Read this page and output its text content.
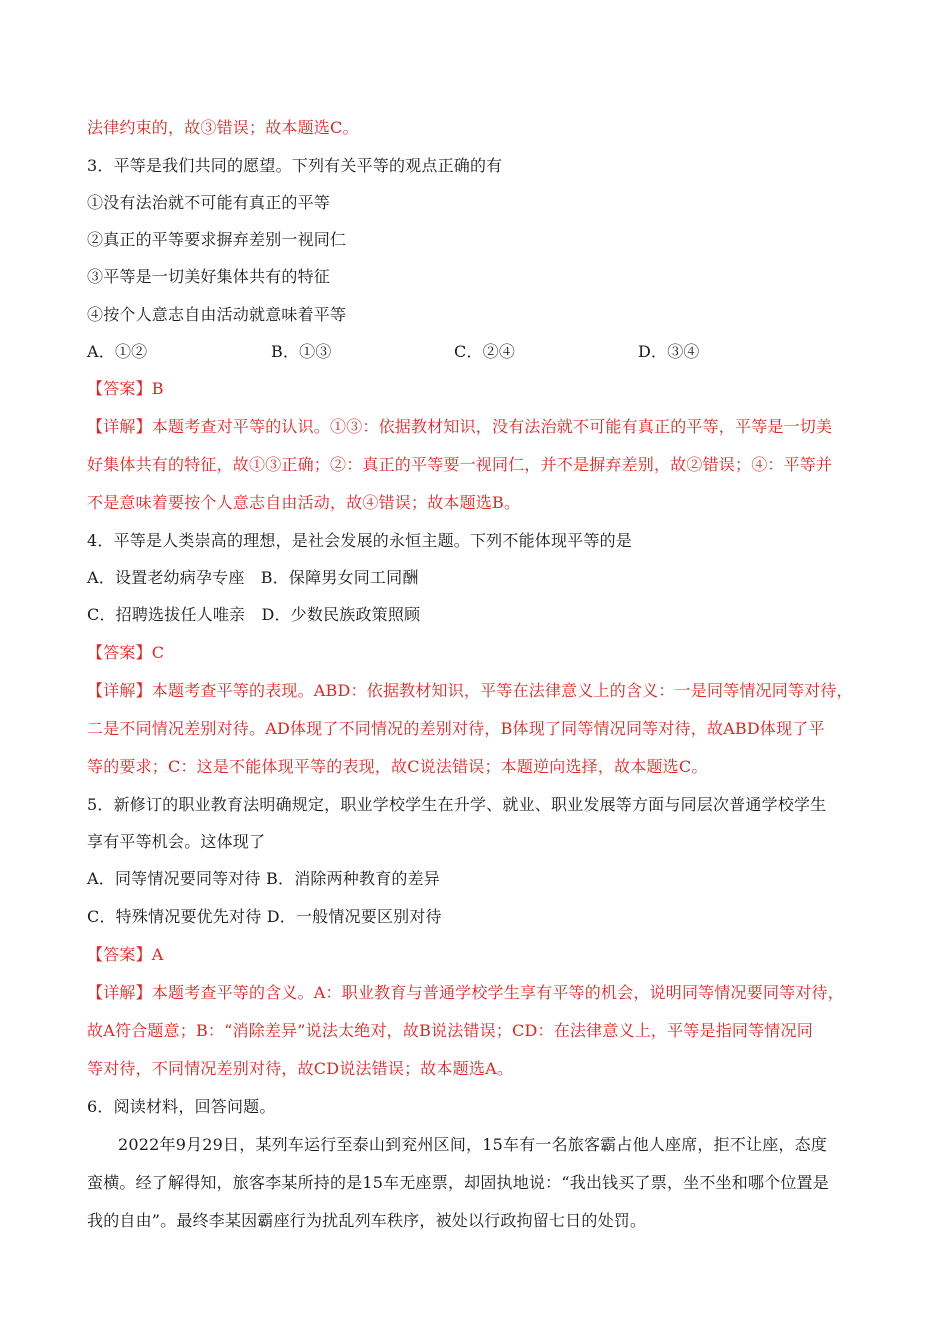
法律约束的，故③错误；故本题选C。
3．平等是我们共同的愿望。下列有关平等的观点正确的有
①没有法治就不可能有真正的平等
②真正的平等要求摒弃差别一视同仁
③平等是一切美好集体共有的特征
④按个人意志自由活动就意味着平等
A．①②	B．①③	C．②④	D．③④
【答案】B
【详解】本题考查对平等的认识。①③：依据教材知识，没有法治就不可能有真正的平等，平等是一切美
好集体共有的特征，故①③正确；②：真正的平等要一视同仁，并不是摒弃差别，故②错误；④：平等并
不是意味着要按个人意志自由活动，故④错误；故本题选B。
4．平等是人类崇高的理想，是社会发展的永恒主题。下列不能体现平等的是
A．设置老幼病孕专座　B．保障男女同工同酬
C．招聘选拔任人唯亲　D．少数民族政策照顾
【答案】C
【详解】本题考查平等的表现。ABD：依据教材知识，平等在法律意义上的含义：一是同等情况同等对待，
二是不同情况差别对待。AD体现了不同情况的差别对待，B体现了同等情况同等对待，故ABD体现了平
等的要求；C：这是不能体现平等的表现，故C说法错误；本题逆向选择，故本题选C。
5．新修订的职业教育法明确规定，职业学校学生在升学、就业、职业发展等方面与同层次普通学校学生
享有平等机会。这体现了
A．同等情况要同等对待 B．消除两种教育的差异
C．特殊情况要优先对待 D．一般情况要区别对待
【答案】A
【详解】本题考查平等的含义。A：职业教育与普通学校学生享有平等的机会，说明同等情况要同等对待，
故A符合题意；B：“消除差异”说法太绝对，故B说法错误；CD：在法律意义上，平等是指同等情况同
等对待，不同情况差别对待，故CD说法错误；故本题选A。
6．阅读材料，回答问题。
2022年9月29日，某列车运行至泰山到兖州区间，15车有一名旅客霸占他人座席，拒不让座，态度
蛮横。经了解得知，旅客李某所持的是15车无座票，却固执地说：“我出钱买了票，坐不坐和哪个位置是
我的自由”。最终李某因霸座行为扰乱列车秩序，被处以行政拘留七日的处罚。
